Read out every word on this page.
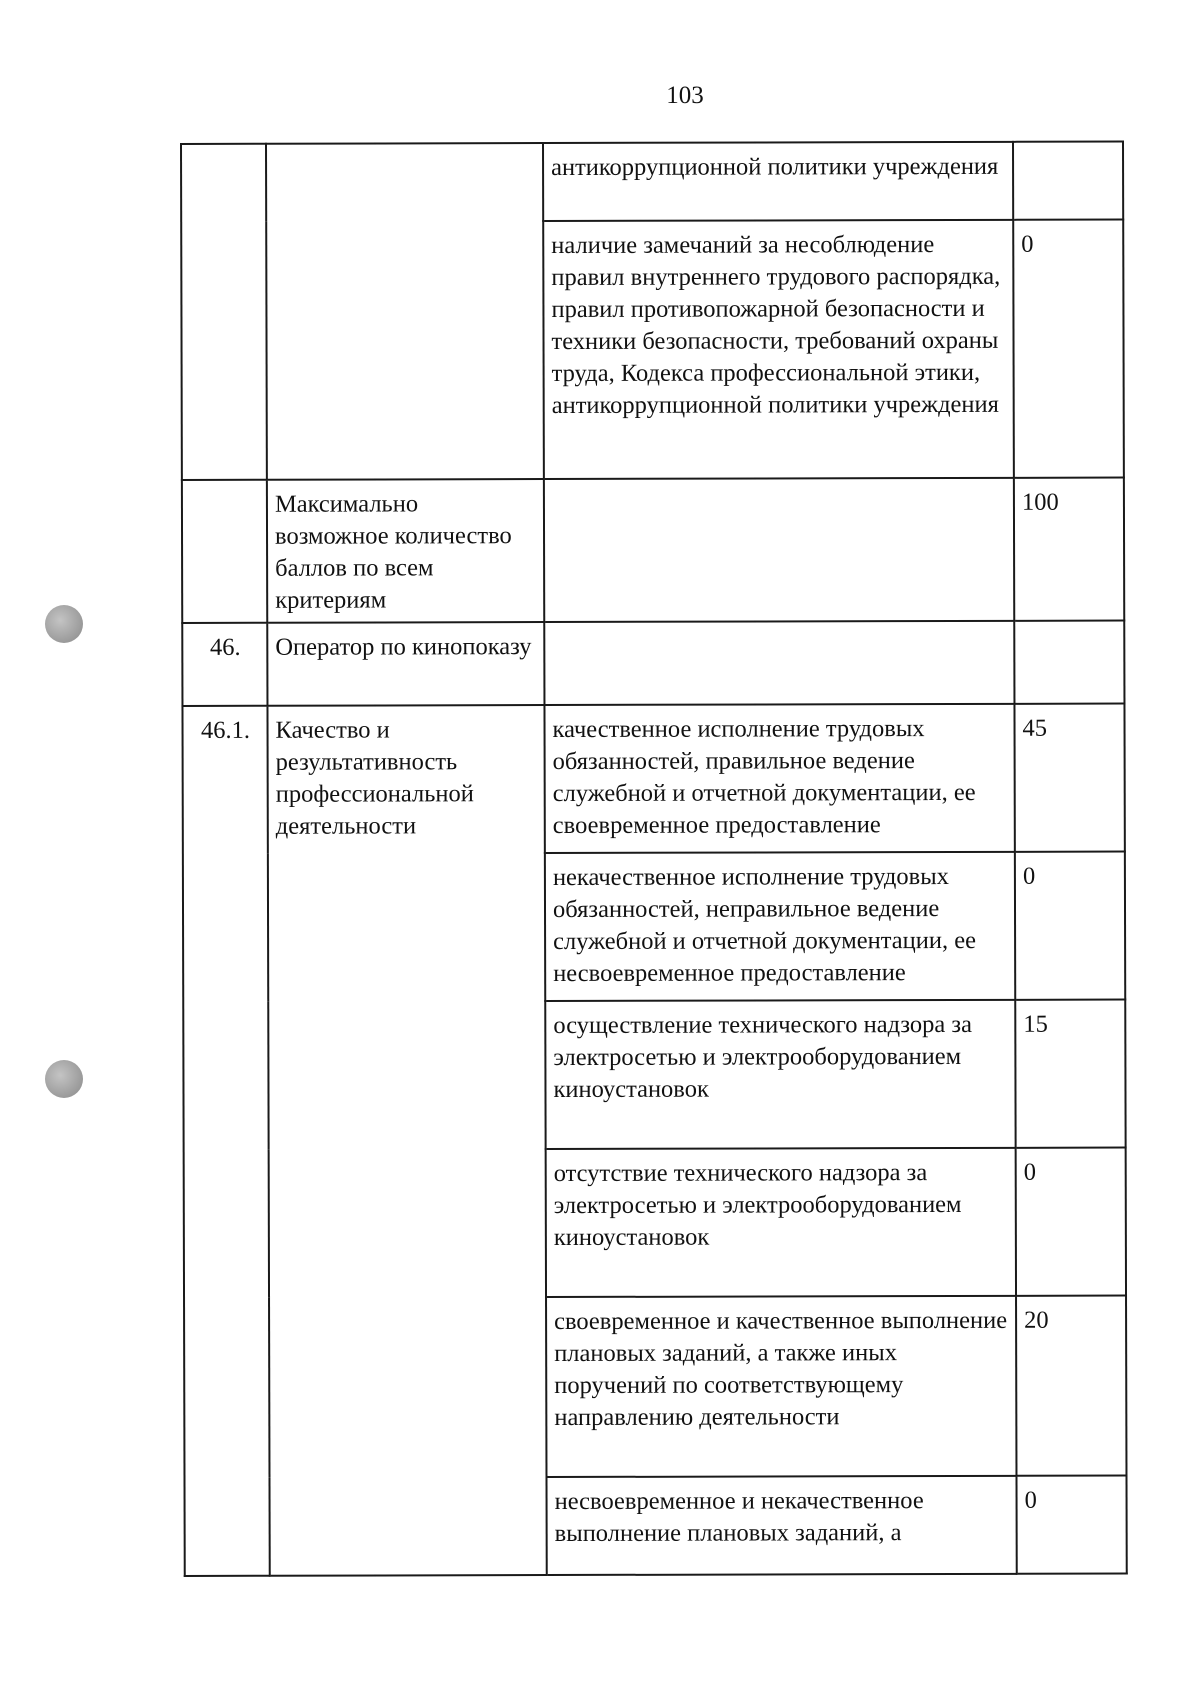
103
		антикоррупционной политики учреждения	
		наличие замечаний за несоблюдение правил внутреннего трудового распорядка, правил противопожарной безопасности и техники безопасности, требований охраны труда, Кодекса профессиональной этики, антикоррупционной политики учреждения	0
	Максимально возможное количество баллов по всем критериям		100
46.	Оператор по кинопоказу		
46.1.	Качество и результативность профессиональной деятельности	качественное исполнение трудовых обязанностей, правильное ведение служебной и отчетной документации, ее своевременное предоставление	45
		некачественное исполнение трудовых обязанностей, неправильное ведение служебной и отчетной документации, ее несвоевременное предоставление	0
		осуществление технического надзора за электросетью и электрооборудованием киноустановок	15
		отсутствие технического надзора за электросетью и электрооборудованием киноустановок	0
		своевременное и качественное выполнение плановых заданий, а также иных поручений по соответствующему направлению деятельности	20
		несвоевременное и некачественное выполнение плановых заданий, а	0
